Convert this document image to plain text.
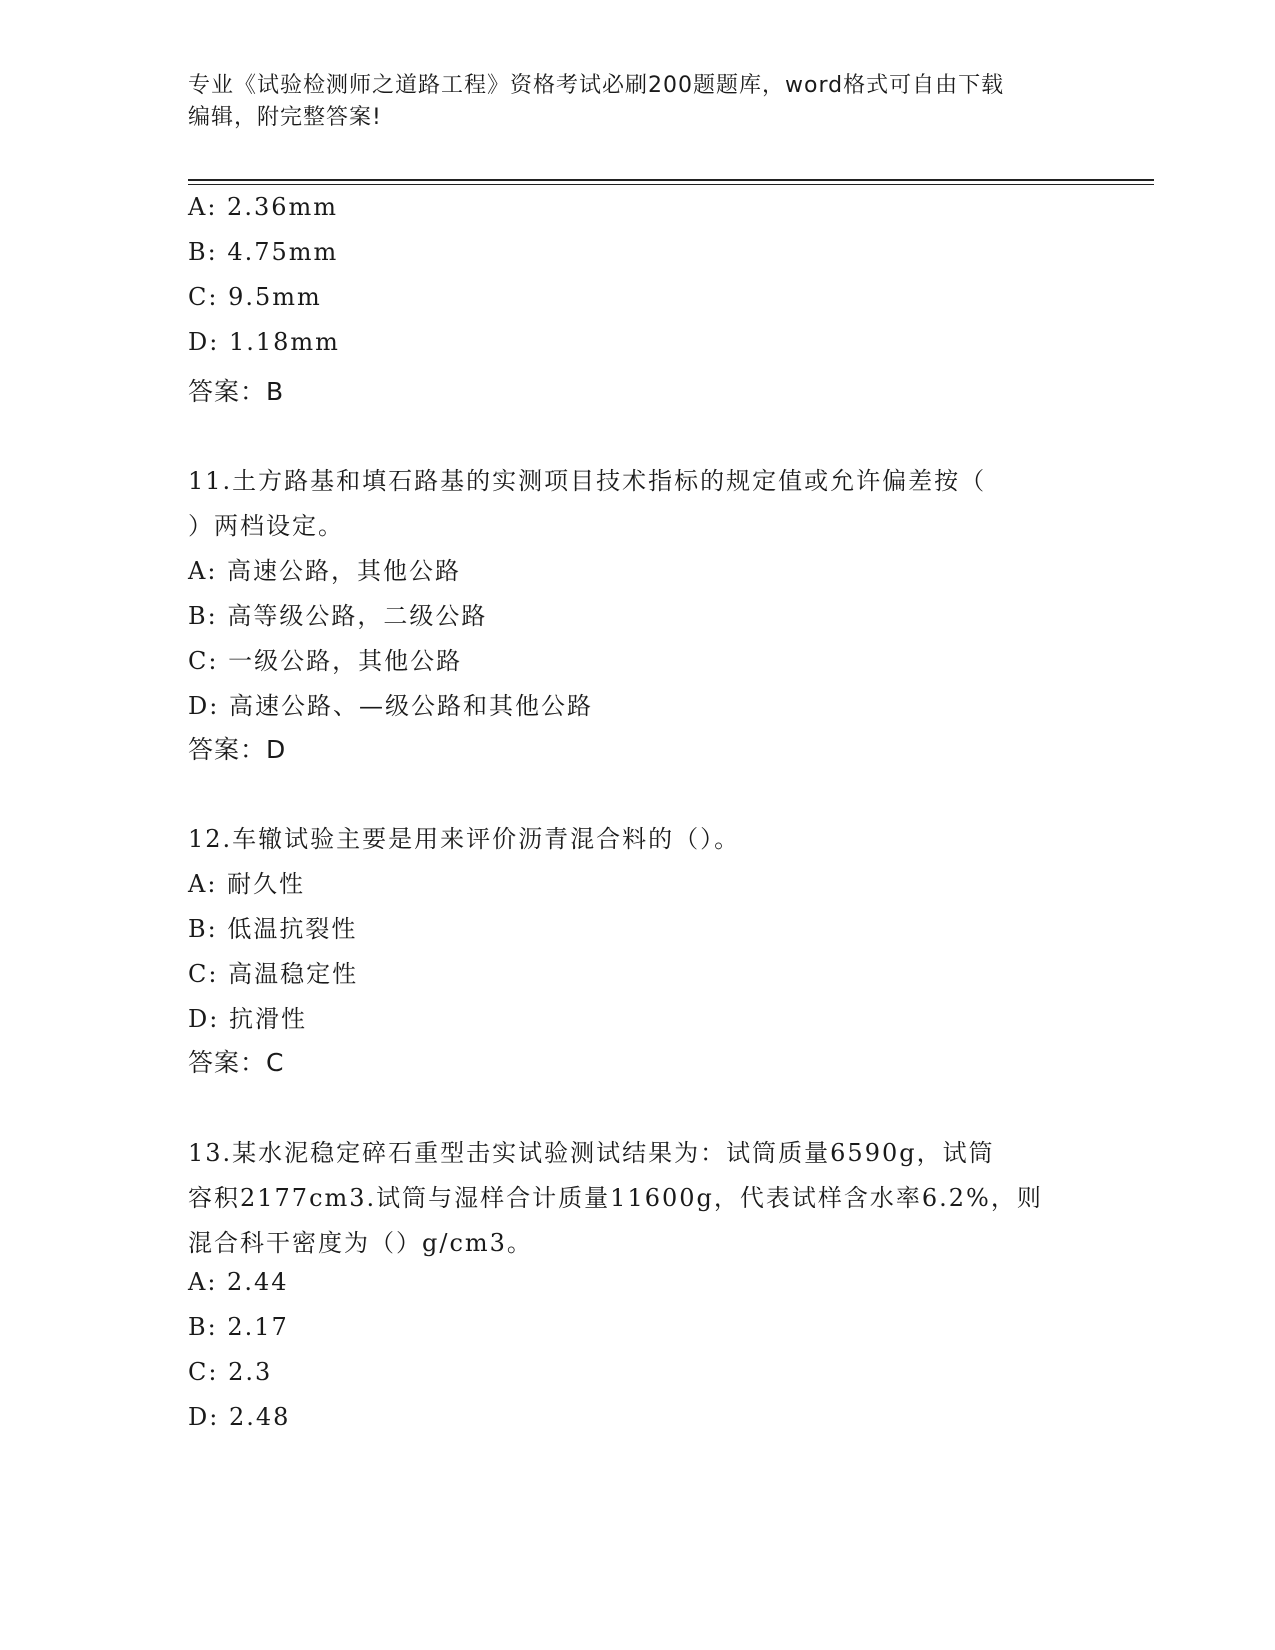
专业《试验检测师之道路工程》资格考试必刷200题题库，word格式可自由下载
编辑，附完整答案!
A: 2.36mm
B: 4.75mm
C: 9.5mm
D: 1.18mm
答案：B
11.土方路基和填石路基的实测项目技术指标的规定值或允许偏差按（
）两档设定。
A: 高速公路，其他公路
B: 高等级公路，二级公路
C: 一级公路，其他公路
D: 高速公路、—级公路和其他公路
答案：D
12.车辙试验主要是用来评价沥青混合料的（）。
A: 耐久性
B: 低温抗裂性
C: 高温稳定性
D: 抗滑性
答案：C
13.某水泥稳定碎石重型击实试验测试结果为：试筒质量6590g，试筒
容积2177cm3.试筒与湿样合计质量11600g，代表试样含水率6.2%，则
混合科干密度为（）g/cm3。
A: 2.44
B: 2.17
C: 2.3
D: 2.48
